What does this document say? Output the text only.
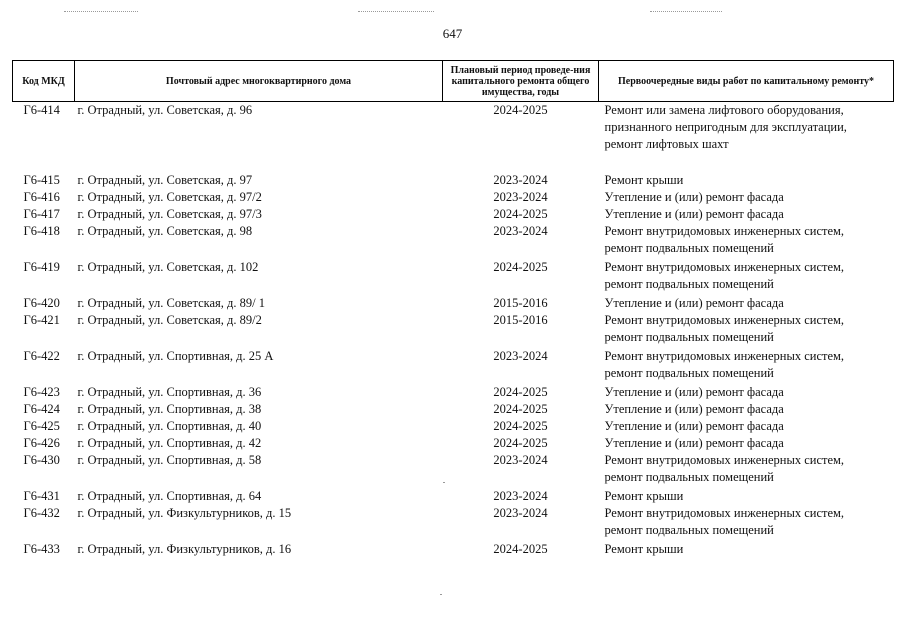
647
Код МКД	Почтовый адрес многоквартирного дома	Плановый период проведе-ния капитального ремонта общего имущества, годы	Первоочередные виды работ по капитальному ремонту*
Г6-414	г. Отрадный, ул. Советская, д. 96	2024-2025	Ремонт или замена лифтового оборудования,
признанного непригодным для эксплуатации,
ремонт лифтовых шахт

Г6-415	г. Отрадный, ул. Советская, д. 97	2023-2024	Ремонт крыши

Г6-416	г. Отрадный, ул. Советская, д. 97/2	2023-2024	Утепление и (или) ремонт фасада

Г6-417	г. Отрадный, ул. Советская, д. 97/3	2024-2025	Утепление и (или) ремонт фасада

Г6-418	г. Отрадный, ул. Советская, д. 98	2023-2024	Ремонт внутридомовых инженерных систем,
ремонт подвальных помещений

Г6-419	г. Отрадный, ул. Советская, д. 102	2024-2025	Ремонт внутридомовых инженерных систем,
ремонт подвальных помещений

Г6-420	г. Отрадный, ул. Советская, д. 89/ 1	2015-2016	Утепление и (или) ремонт фасада

Г6-421	г. Отрадный, ул. Советская, д. 89/2	2015-2016	Ремонт внутридомовых инженерных систем,
ремонт подвальных помещений

Г6-422	г. Отрадный, ул. Спортивная, д. 25 А	2023-2024	Ремонт внутридомовых инженерных систем,
ремонт подвальных помещений

Г6-423	г. Отрадный, ул. Спортивная, д. 36	2024-2025	Утепление и (или) ремонт фасада

Г6-424	г. Отрадный, ул. Спортивная, д. 38	2024-2025	Утепление и (или) ремонт фасада

Г6-425	г. Отрадный, ул. Спортивная, д. 40	2024-2025	Утепление и (или) ремонт фасада

Г6-426	г. Отрадный, ул. Спортивная, д. 42	2024-2025	Утепление и (или) ремонт фасада

Г6-430	г. Отрадный, ул. Спортивная, д. 58	2023-2024	Ремонт внутридомовых инженерных систем,
ремонт подвальных помещений

Г6-431	г. Отрадный, ул. Спортивная, д. 64	2023-2024	Ремонт крыши

Г6-432	г. Отрадный, ул. Физкультурников, д. 15	2023-2024	Ремонт внутридомовых инженерных систем,
ремонт подвальных помещений

Г6-433	г. Отрадный, ул. Физкультурников, д. 16	2024-2025	Ремонт крыши
